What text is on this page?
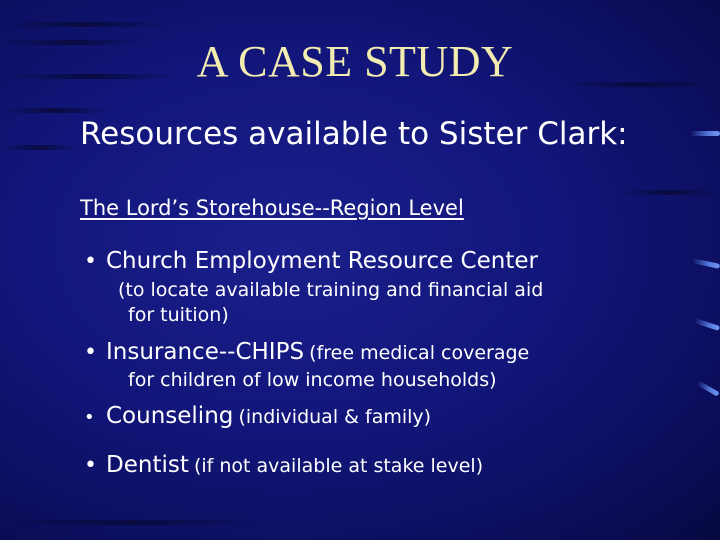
A CASE STUDY
Resources available to Sister Clark:
The Lord’s Storehouse--Region Level
• Church Employment Resource Center
(to locate available training and financial aid
for tuition)
• Insurance--CHIPS (free medical coverage
for children of low income households)
• Counseling (individual & family)
• Dentist (if not available at stake level)
